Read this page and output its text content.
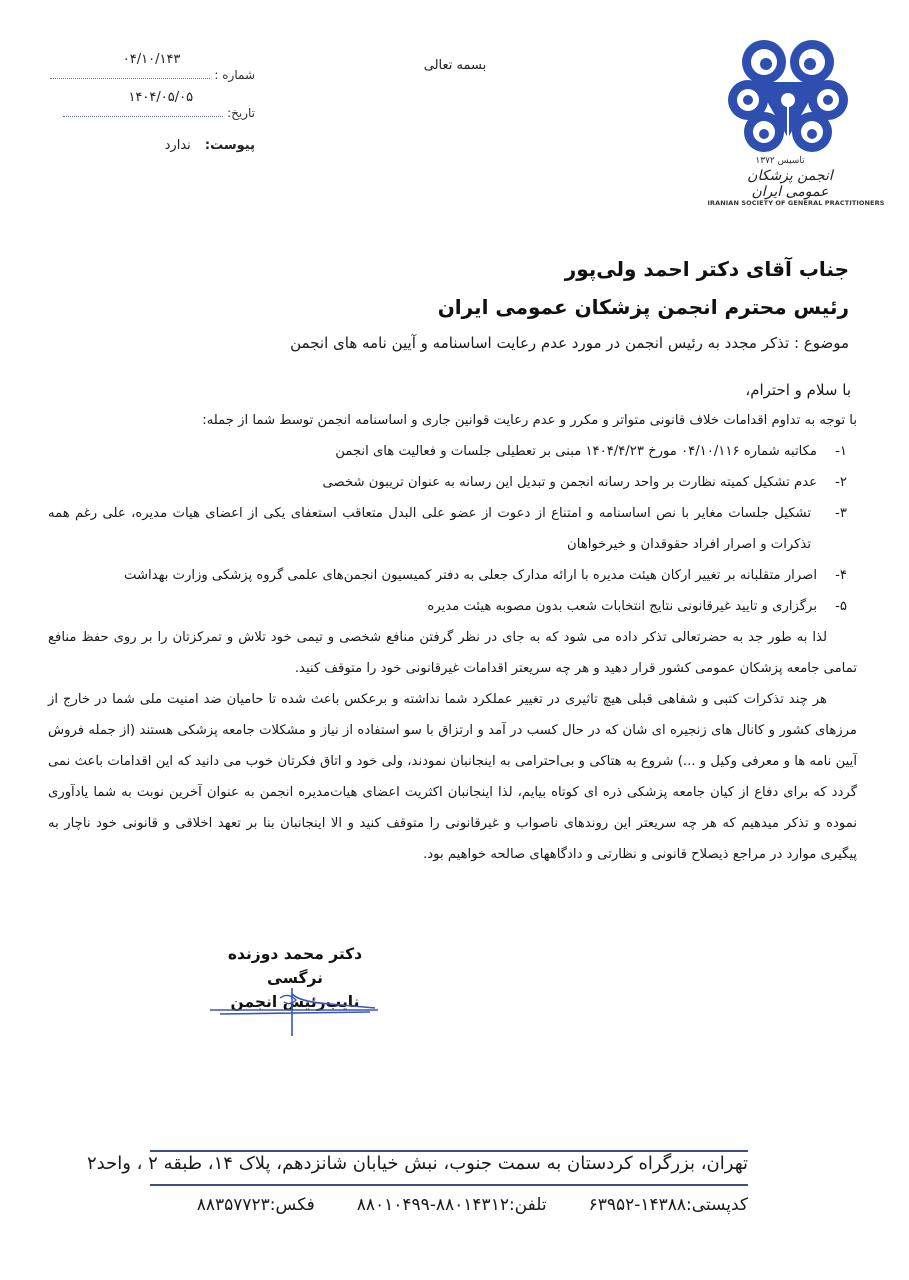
تاسیس ۱۳۷۲
انجمن پزشکان عمومی ایران
IRANIAN SOCIETY OF GENERAL PRACTITIONERS
بسمه تعالی
شماره :
۰۴/۱۰/۱۴۳
تاریخ:
۱۴۰۴/۰۵/۰۵
پیوست: ندارد
جناب آقای دکتر احمد ولی‌پور
رئیس محترم انجمن پزشکان عمومی ایران
موضوع : تذکر مجدد به رئیس انجمن در مورد عدم رعایت اساسنامه و آیین نامه های انجمن
با سلام و احترام،
با توجه به تداوم اقدامات خلاف قانونی متواتر و مکرر و عدم رعایت قوانین جاری و اساسنامه انجمن توسط شما از جمله:
۱-
مکاتبه شماره ۰۴/۱۰/۱۱۶ مورخ ۱۴۰۴/۴/۲۳ مبنی بر تعطیلی جلسات و فعالیت های انجمن
۲-
عدم تشکیل کمیته نظارت بر واحد رسانه انجمن و تبدیل این رسانه به عنوان تریبون شخصی
۳-
تشکیل جلسات مغایر با نص اساسنامه و امتناع از دعوت از عضو علی البدل متعاقب استعفای یکی از اعضای هیات مدیره، علی رغم همه تذکرات و اصرار افراد حقوقدان و خیرخواهان
۴-
اصرار متقلبانه بر تغییر ارکان هیئت مدیره با ارائه مدارک جعلی به دفتر کمیسیون انجمن‌های علمی گروه پزشکی وزارت بهداشت
۵-
برگزاری و تایید غیرقانونی نتایج انتخابات شعب بدون مصوبه هیئت مدیره
لذا به طور جد به حضرتعالی تذکر داده می شود که به جای در نظر گرفتن منافع شخصی و تیمی خود تلاش و تمرکزتان را بر روی حفظ منافع تمامی جامعه پزشکان عمومی کشور قرار دهید و هر چه سریعتر اقدامات غیرقانونی خود را متوقف کنید.
هر چند تذکرات کتبی و شفاهی قبلی هیچ تاثیری در تغییر عملکرد شما نداشته و برعکس باعث شده تا حامیان ضد امنیت ملی شما در خارج از مرزهای کشور و کانال های زنجیره ای شان که در حال کسب در آمد و ارتزاق با سو استفاده از نیاز و مشکلات جامعه پزشکی هستند (از جمله فروش آیین نامه ها و معرفی وکیل و ...) شروع به هتاکی و بی‌احترامی به اینجانبان نمودند، ولی خود و اتاق فکرتان خوب می دانید که این اقدامات باعث نمی گردد که برای دفاع از کیان جامعه پزشکی ذره ای کوتاه بیایم، لذا اینجانبان اکثریت اعضای هیات‌مدیره انجمن به عنوان آخرین نوبت به شما یادآوری نموده و تذکر میدهیم که هر چه سریعتر این روندهای ناصواب و غیرقانونی را متوقف کنید و الا اینجانبان بنا بر تعهد اخلاقی و قانونی خود ناچار به پیگیری موارد در مراجع ذیصلاح قانونی و نظارتی و دادگاههای صالحه خواهیم بود.
دکتر محمد دوزنده نرگسی
نایب‌رئیس انجمن
تهران، بزرگراه کردستان به سمت جنوب، نبش خیابان شانزدهم، پلاک ۱۴، طبقه ۲ ، واحد۲
کدپستی:۱۴۳۸۸-۶۳۹۵۲
تلفن:۸۸۰۱۴۳۱۲-۸۸۰۱۰۴۹۹
فکس:۸۸۳۵۷۷۲۳
